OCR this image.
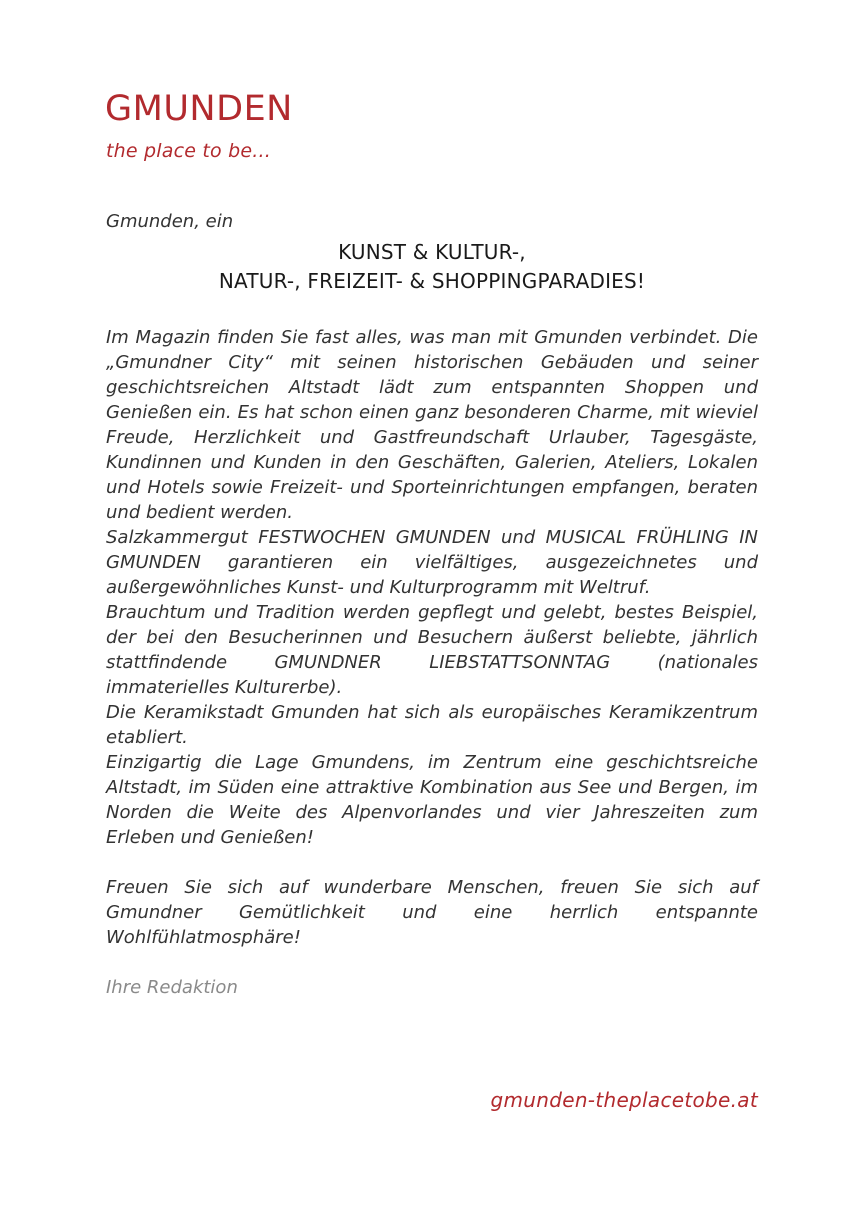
GMUNDEN

the place to be...

Gmunden, ein

KUNST & KULTUR-,
NATUR-, FREIZEIT- & SHOPPINGPARADIES!

Im Magazin finden Sie fast alles, was man mit Gmunden verbindet. Die „Gmundner City“ mit seinen historischen Gebäuden und seiner geschichtsreichen Altstadt lädt zum entspannten Shoppen und Genießen ein. Es hat schon einen ganz besonderen Charme, mit wieviel Freude, Herzlichkeit und Gastfreundschaft Urlauber, Tagesgäste, Kundinnen und Kunden in den Geschäften, Galerien, Ateliers, Lokalen und Hotels sowie Freizeit- und Sporteinrichtungen empfangen, beraten und bedient werden.

Salzkammergut FESTWOCHEN GMUNDEN und MUSICAL FRÜHLING IN GMUNDEN garantieren ein vielfältiges, ausgezeichnetes und außergewöhnliches Kunst- und Kulturprogramm mit Weltruf.

Brauchtum und Tradition werden gepflegt und gelebt, bestes Beispiel, der bei den Besucherinnen und Besuchern äußerst beliebte, jährlich stattfindende GMUNDNER LIEBSTATTSONNTAG (nationales immaterielles Kulturerbe).

Die Keramikstadt Gmunden hat sich als europäisches Keramikzentrum etabliert.

Einzigartig die Lage Gmundens, im Zentrum eine geschichtsreiche Altstadt, im Süden eine attraktive Kombination aus See und Bergen, im Norden die Weite des Alpenvorlandes und vier Jahreszeiten zum Erleben und Genießen!

Freuen Sie sich auf wunderbare Menschen, freuen Sie sich auf Gmundner Gemütlichkeit und eine herrlich entspannte Wohlfühlatmosphäre!

Ihre Redaktion

gmunden-theplacetobe.at
